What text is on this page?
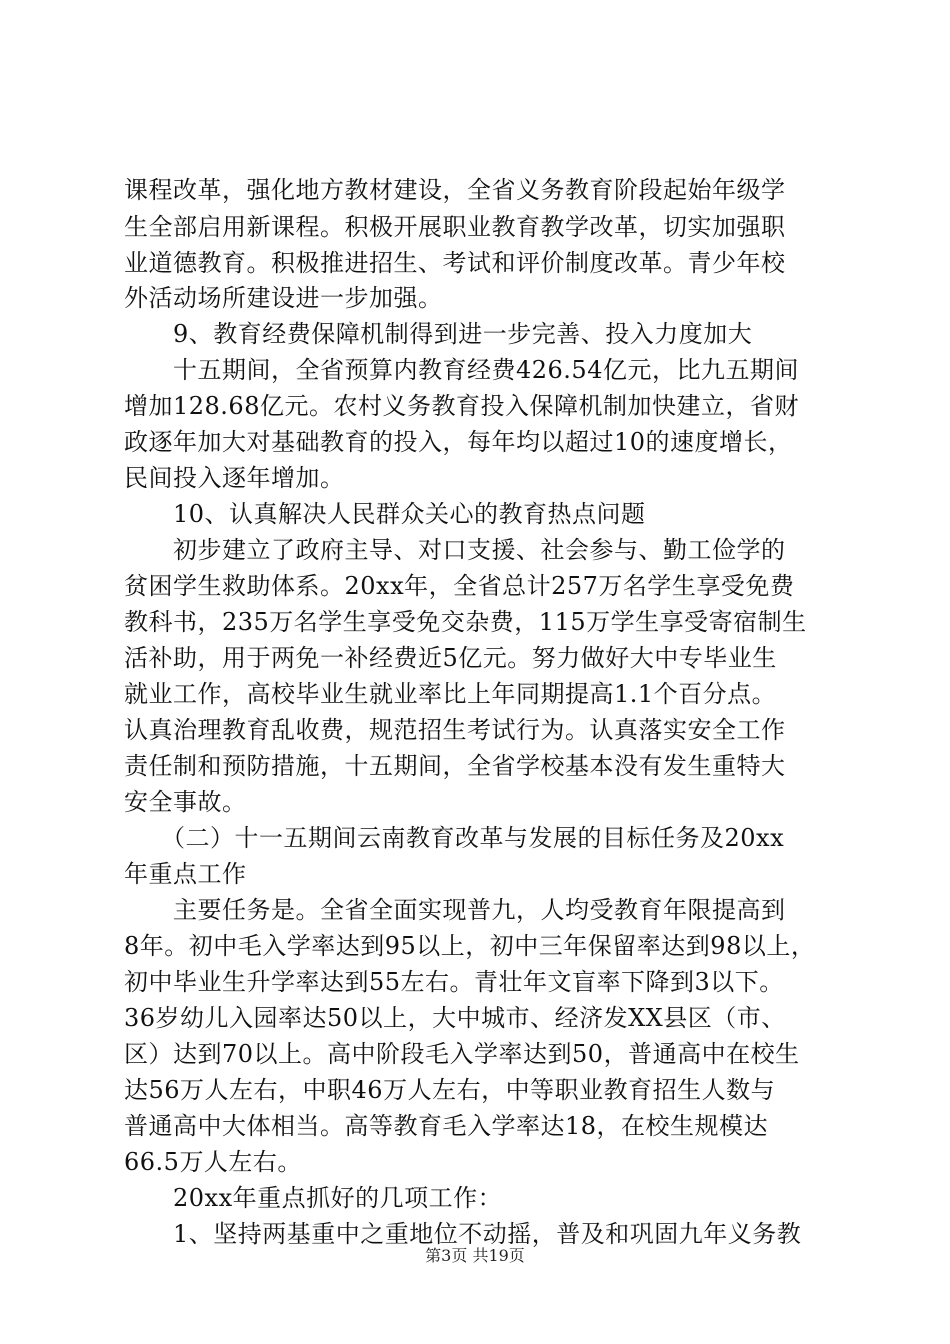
课程改革，强化地方教材建设，全省义务教育阶段起始年级学
生全部启用新课程。积极开展职业教育教学改革，切实加强职
业道德教育。积极推进招生、考试和评价制度改革。青少年校
外活动场所建设进一步加强。
　　9、教育经费保障机制得到进一步完善、投入力度加大
　　十五期间，全省预算内教育经费426.54亿元，比九五期间
增加128.68亿元。农村义务教育投入保障机制加快建立，省财
政逐年加大对基础教育的投入，每年均以超过10的速度增长，
民间投入逐年增加。
　　10、认真解决人民群众关心的教育热点问题
　　初步建立了政府主导、对口支援、社会参与、勤工俭学的
贫困学生救助体系。20xx年，全省总计257万名学生享受免费
教科书，235万名学生享受免交杂费，115万学生享受寄宿制生
活补助，用于两免一补经费近5亿元。努力做好大中专毕业生
就业工作，高校毕业生就业率比上年同期提高1.1个百分点。
认真治理教育乱收费，规范招生考试行为。认真落实安全工作
责任制和预防措施，十五期间，全省学校基本没有发生重特大
安全事故。
　　（二）十一五期间云南教育改革与发展的目标任务及20xx
年重点工作
　　主要任务是。全省全面实现普九，人均受教育年限提高到
8年。初中毛入学率达到95以上，初中三年保留率达到98以上，
初中毕业生升学率达到55左右。青壮年文盲率下降到3以下。
36岁幼儿入园率达50以上，大中城市、经济发XX县区（市、
区）达到70以上。高中阶段毛入学率达到50，普通高中在校生
达56万人左右，中职46万人左右，中等职业教育招生人数与
普通高中大体相当。高等教育毛入学率达18，在校生规模达
66.5万人左右。
　　20xx年重点抓好的几项工作：
　　1、坚持两基重中之重地位不动摇，普及和巩固九年义务教
第3页 共19页
